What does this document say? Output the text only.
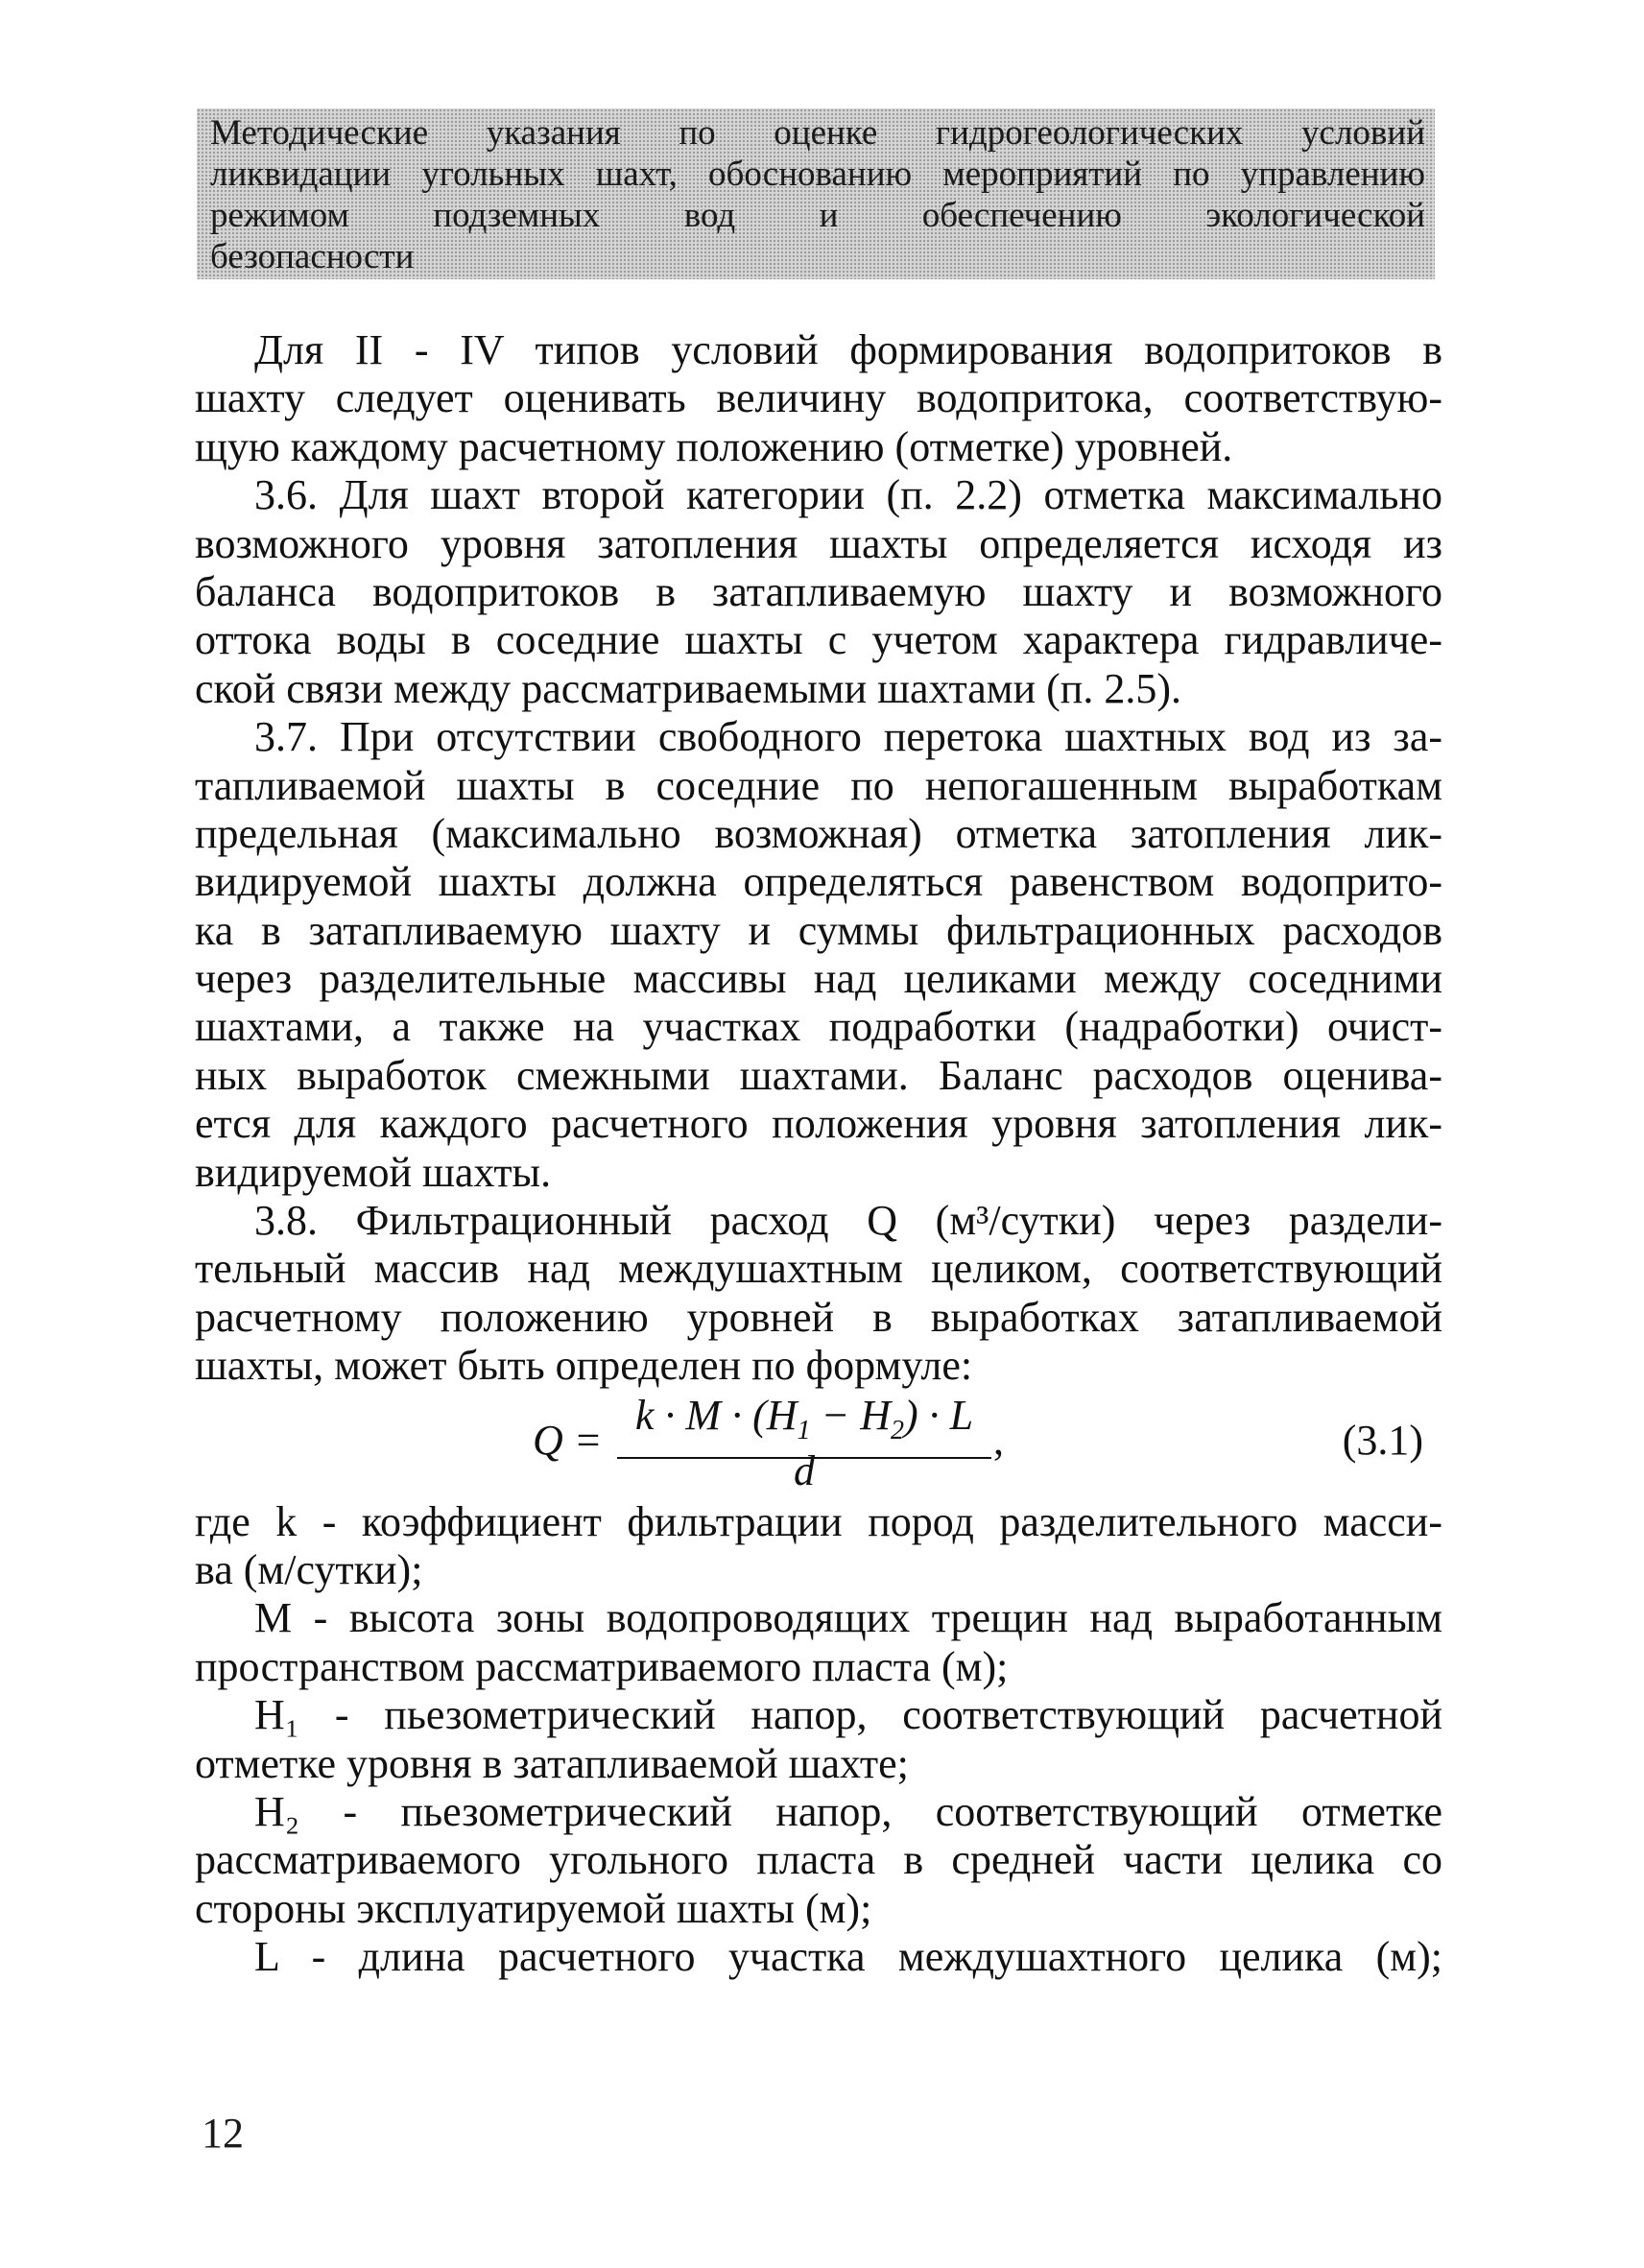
Методические указания по оценке гидрогеологических условий
ликвидации угольных шахт, обоснованию мероприятий по управлению
режимом подземных вод и обеспечению экологической
безопасности
Для II - IV типов условий формирования водопритоков в
шахту следует оценивать величину водопритока, соответствую-
щую каждому расчетному положению (отметке) уровней.
3.6. Для шахт второй категории (п. 2.2) отметка максимально
возможного уровня затопления шахты определяется исходя из
баланса водопритоков в затапливаемую шахту и возможного
оттока воды в соседние шахты с учетом характера гидравличе-
ской связи между рассматриваемыми шахтами (п. 2.5).
3.7. При отсутствии свободного перетока шахтных вод из за-
тапливаемой шахты в соседние по непогашенным выработкам
предельная (максимально возможная) отметка затопления лик-
видируемой шахты должна определяться равенством водоприто-
ка в затапливаемую шахту и суммы фильтрационных расходов
через разделительные массивы над целиками между соседними
шахтами, а также на участках подработки (надработки) очист-
ных выработок смежными шахтами. Баланс расходов оценива-
ется для каждого расчетного положения уровня затопления лик-
видируемой шахты.
3.8. Фильтрационный расход Q (м³/сутки) через раздели-
тельный массив над междушахтным целиком, соответствующий
расчетному положению уровней в выработках затапливаемой
шахты, может быть определен по формуле:
Q =
$k \cdot M \cdot (H_1 - H_2) \cdot L$
d
,	(3.1)
где k - коэффициент фильтрации пород разделительного масси-
ва (м/сутки);
M - высота зоны водопроводящих трещин над выработанным
пространством рассматриваемого пласта (м);
H₁ - пьезометрический напор, соответствующий расчетной
отметке уровня в затапливаемой шахте;
H₂ - пьезометрический напор, соответствующий отметке
рассматриваемого угольного пласта в средней части целика со
стороны эксплуатируемой шахты (м);
L - длина расчетного участка междушахтного целика (м);
12
